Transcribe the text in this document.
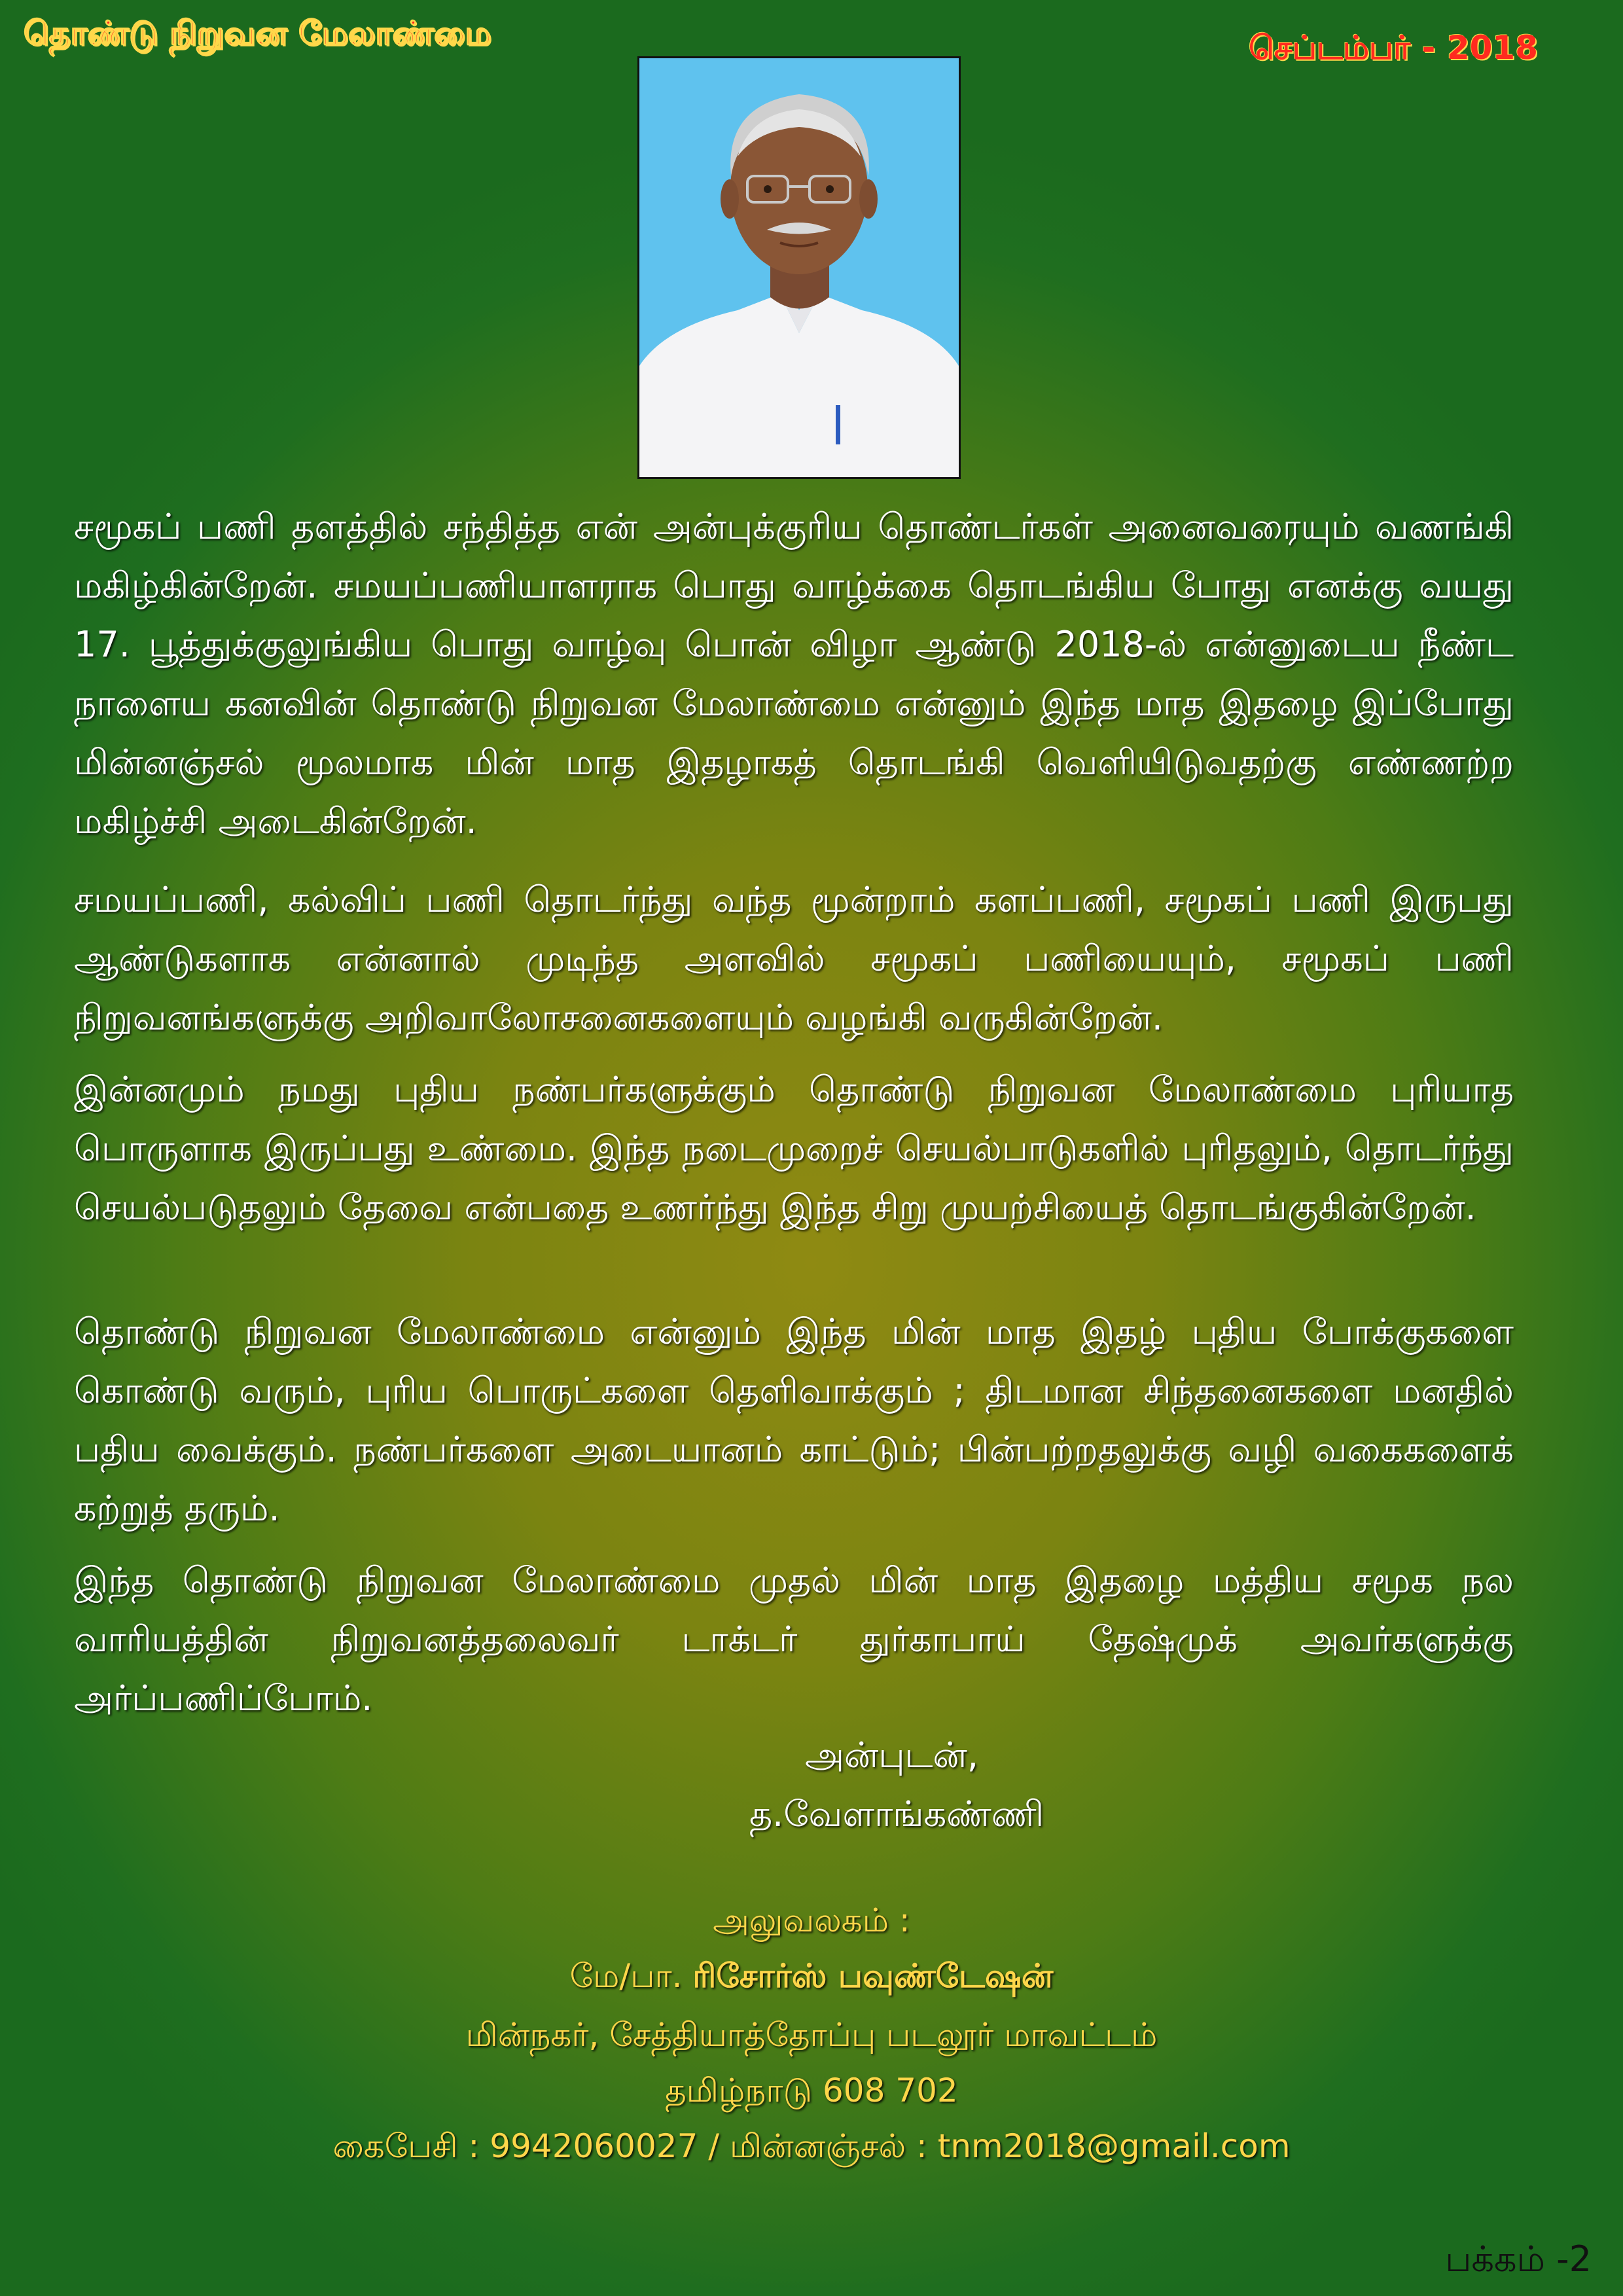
தொண்டு நிறுவன மேலாண்மை	செப்டம்பர் - 2018
சமூகப் பணி தளத்தில் சந்தித்த என் அன்புக்குரிய தொண்டர்கள் அனைவரையும் வணங்கி மகிழ்கின்றேன். சமயப்பணியாளராக பொது வாழ்க்கை தொடங்கிய போது எனக்கு வயது 17. பூத்துக்குலுங்கிய பொது வாழ்வு பொன் விழா ஆண்டு 2018-ல் என்னுடைய நீண்ட நாளைய கனவின் தொண்டு நிறுவன மேலாண்மை என்னும் இந்த மாத இதழை இப்போது மின்னஞ்சல் மூலமாக மின் மாத இதழாகத் தொடங்கி வெளியிடுவதற்கு எண்ணற்ற மகிழ்ச்சி அடைகின்றேன்.
சமயப்பணி, கல்விப் பணி தொடர்ந்து வந்த மூன்றாம் களப்பணி, சமூகப் பணி இருபது ஆண்டுகளாக என்னால் முடிந்த அளவில் சமூகப் பணியையும், சமூகப் பணி நிறுவனங்களுக்கு அறிவாலோசனைகளையும் வழங்கி வருகின்றேன்.
இன்னமும் நமது புதிய நண்பர்களுக்கும் தொண்டு நிறுவன மேலாண்மை புரியாத பொருளாக இருப்பது உண்மை. இந்த நடைமுறைச் செயல்பாடுகளில் புரிதலும், தொடர்ந்து செயல்படுதலும் தேவை என்பதை உணர்ந்து இந்த சிறு முயற்சியைத் தொடங்குகின்றேன்.
தொண்டு நிறுவன மேலாண்மை என்னும் இந்த மின் மாத இதழ் புதிய போக்குகளை கொண்டு வரும், புரிய பொருட்களை தெளிவாக்கும் ; திடமான சிந்தனைகளை மனதில் பதிய வைக்கும். நண்பர்களை அடையானம் காட்டும்; பின்பற்றதலுக்கு வழி வகைகளைக் கற்றுத் தரும்.
இந்த தொண்டு நிறுவன மேலாண்மை முதல் மின் மாத இதழை மத்திய சமூக நல வாரியத்தின் நிறுவனத்தலைவர் டாக்டர் துர்காபாய் தேஷ்முக் அவர்களுக்கு அர்ப்பணிப்போம்.
அன்புடன்,
த.வேளாங்கண்ணி
அலுவலகம் :
மே/பா. ரிசோர்ஸ் பவுண்டேஷன்
மின்நகர், சேத்தியாத்தோப்பு படலூர் மாவட்டம்
தமிழ்நாடு 608 702
கைபேசி : 9942060027 / மின்னஞ்சல் : tnm2018@gmail.com
பக்கம் -2
